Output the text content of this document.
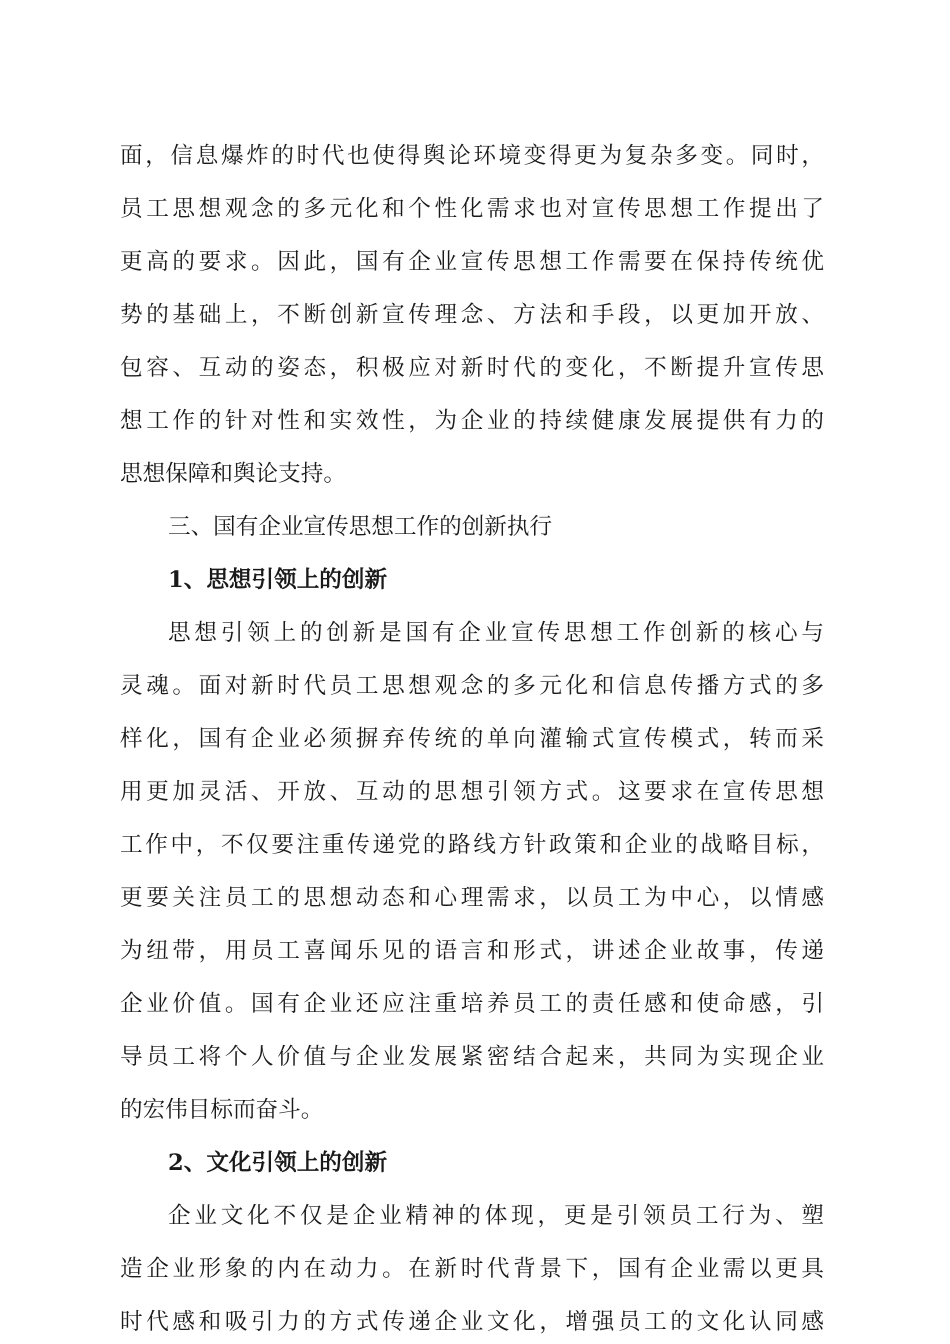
面，信息爆炸的时代也使得舆论环境变得更为复杂多变。同时，
员工思想观念的多元化和个性化需求也对宣传思想工作提出了
更高的要求。因此，国有企业宣传思想工作需要在保持传统优
势的基础上，不断创新宣传理念、方法和手段，以更加开放、
包容、互动的姿态，积极应对新时代的变化，不断提升宣传思
想工作的针对性和实效性，为企业的持续健康发展提供有力的
思想保障和舆论支持。
三、国有企业宣传思想工作的创新执行
1、思想引领上的创新
思想引领上的创新是国有企业宣传思想工作创新的核心与
灵魂。面对新时代员工思想观念的多元化和信息传播方式的多
样化，国有企业必须摒弃传统的单向灌输式宣传模式，转而采
用更加灵活、开放、互动的思想引领方式。这要求在宣传思想
工作中，不仅要注重传递党的路线方针政策和企业的战略目标，
更要关注员工的思想动态和心理需求，以员工为中心，以情感
为纽带，用员工喜闻乐见的语言和形式，讲述企业故事，传递
企业价值。国有企业还应注重培养员工的责任感和使命感，引
导员工将个人价值与企业发展紧密结合起来，共同为实现企业
的宏伟目标而奋斗。
2、文化引领上的创新
企业文化不仅是企业精神的体现，更是引领员工行为、塑
造企业形象的内在动力。在新时代背景下，国有企业需以更具
时代感和吸引力的方式传递企业文化，增强员工的文化认同感
